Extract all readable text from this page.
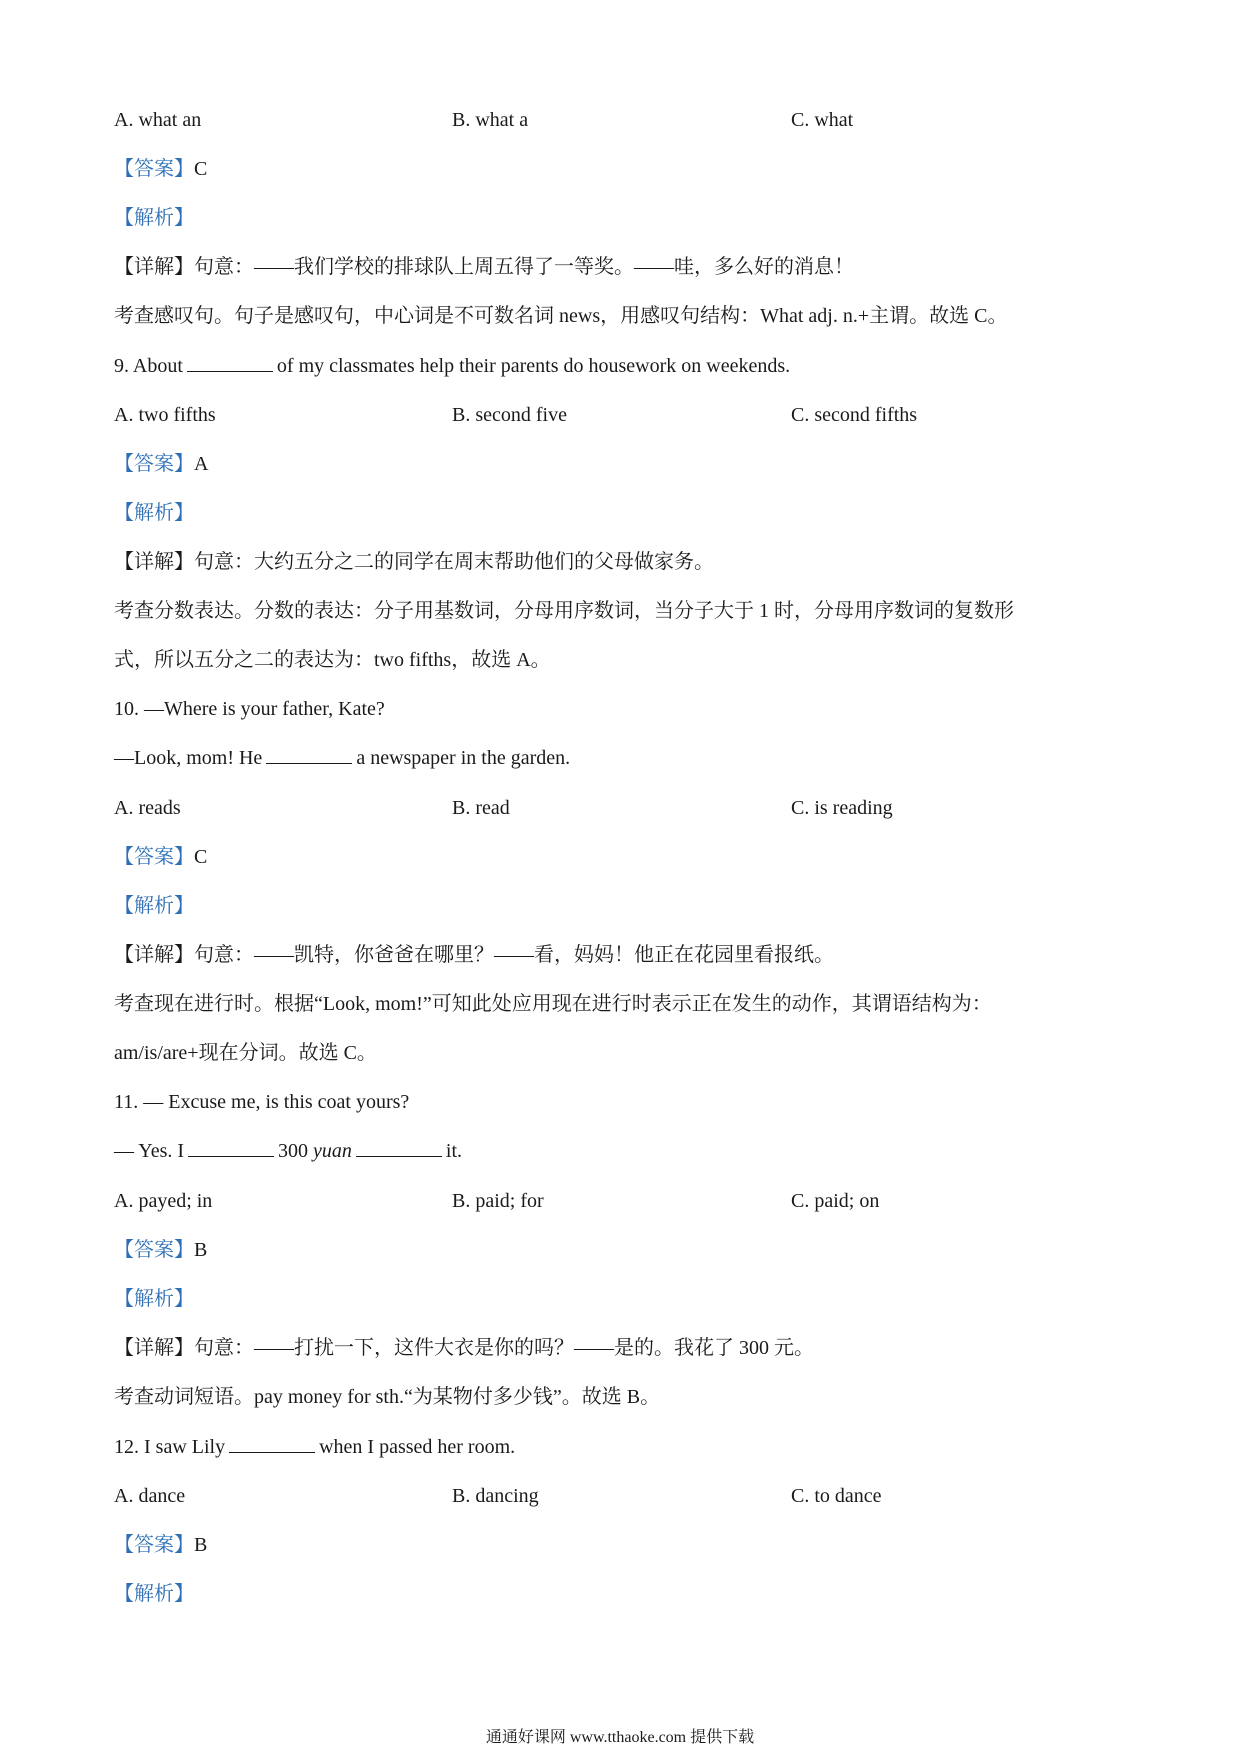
A. what an	B. what a	C. what
【答案】C
【解析】
【详解】句意：——我们学校的排球队上周五得了一等奖。——哇，多么好的消息！
考查感叹句。句子是感叹句，中心词是不可数名词 news，用感叹句结构：What adj. n.+主谓。故选 C。
9. About	of my classmates help their parents do housework on weekends.
A. two fifths	B. second five	C. second fifths
【答案】A
【解析】
【详解】句意：大约五分之二的同学在周末帮助他们的父母做家务。
考查分数表达。分数的表达：分子用基数词，分母用序数词，当分子大于 1 时，分母用序数词的复数形
式，所以五分之二的表达为：two fifths，故选 A。
10. —Where is your father, Kate?
—Look, mom! He	a newspaper in the garden.
A. reads	B. read	C. is reading
【答案】C
【解析】
【详解】句意：——凯特，你爸爸在哪里？——看，妈妈！他正在花园里看报纸。
考查现在进行时。根据“Look, mom!”可知此处应用现在进行时表示正在发生的动作，其谓语结构为：
am/is/are+现在分词。故选 C。
11. — Excuse me, is this coat yours?
— Yes. I	300 yuan	it.
A. payed; in	B. paid; for	C. paid; on
【答案】B
【解析】
【详解】句意：——打扰一下，这件大衣是你的吗？——是的。我花了 300 元。
考查动词短语。pay money for sth.“为某物付多少钱”。故选 B。
12. I saw Lily	when I passed her room.
A. dance	B. dancing	C. to dance
【答案】B
【解析】
通通好课网 www.tthaoke.com 提供下载
